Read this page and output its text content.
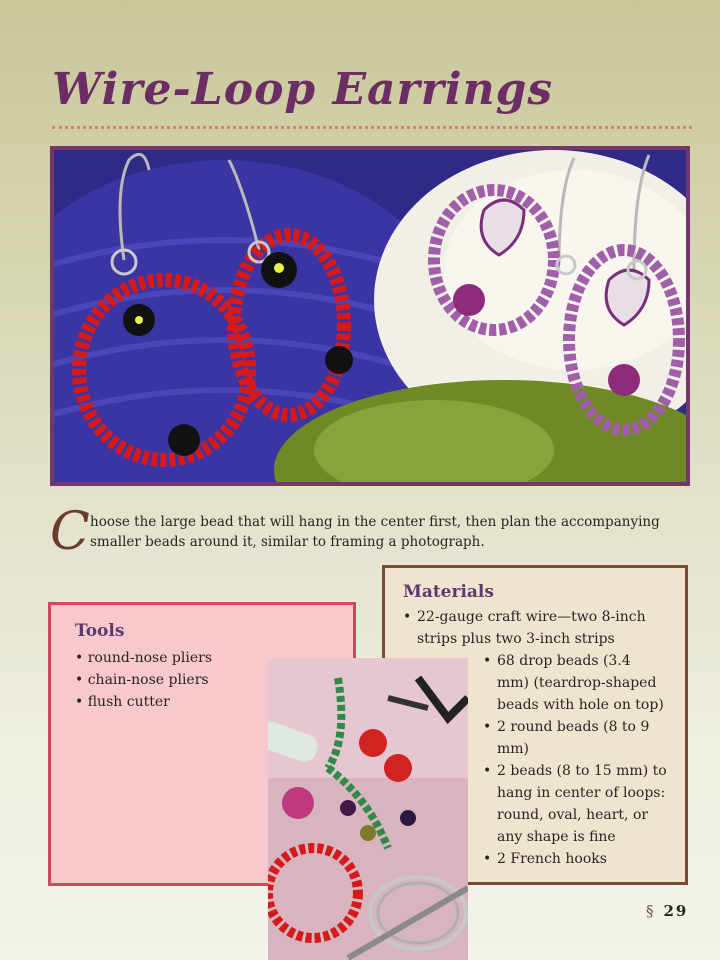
Wire-Loop Earrings
C hoose the large bead that will hang in the center first, then plan the accompanying smaller beads around it, similar to framing a photograph.

Tools
• round-nose pliers
• chain-nose pliers
• flush cutter
Materials
• 22-gauge craft wire—two 8-inch strips plus two 3-inch strips
• 68 drop beads (3.4 mm) (teardrop-shaped beads with hole on top)
• 2 round beads (8 to 9 mm)
• 2 beads (8 to 15 mm) to hang in center of loops: round, oval, heart, or any shape is fine
• 2 French hooks
§ 29
